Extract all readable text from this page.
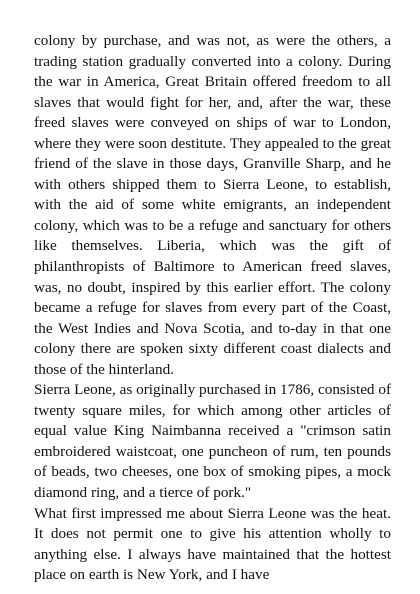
colony by purchase, and was not, as were the others, a trading station gradually converted into a colony. During the war in America, Great Britain offered freedom to all slaves that would fight for her, and, after the war, these freed slaves were conveyed on ships of war to London, where they were soon destitute. They appealed to the great friend of the slave in those days, Granville Sharp, and he with others shipped them to Sierra Leone, to establish, with the aid of some white emigrants, an independent colony, which was to be a refuge and sanctuary for others like themselves. Liberia, which was the gift of philanthropists of Baltimore to American freed slaves, was, no doubt, inspired by this earlier effort. The colony became a refuge for slaves from every part of the Coast, the West Indies and Nova Scotia, and to-day in that one colony there are spoken sixty different coast dialects and those of the hinterland.

Sierra Leone, as originally purchased in 1786, consisted of twenty square miles, for which among other articles of equal value King Naimbanna received a "crimson satin embroidered waistcoat, one puncheon of rum, ten pounds of beads, two cheeses, one box of smoking pipes, a mock diamond ring, and a tierce of pork."

What first impressed me about Sierra Leone was the heat. It does not permit one to give his attention wholly to anything else. I always have maintained that the hottest place on earth is New York, and I have
